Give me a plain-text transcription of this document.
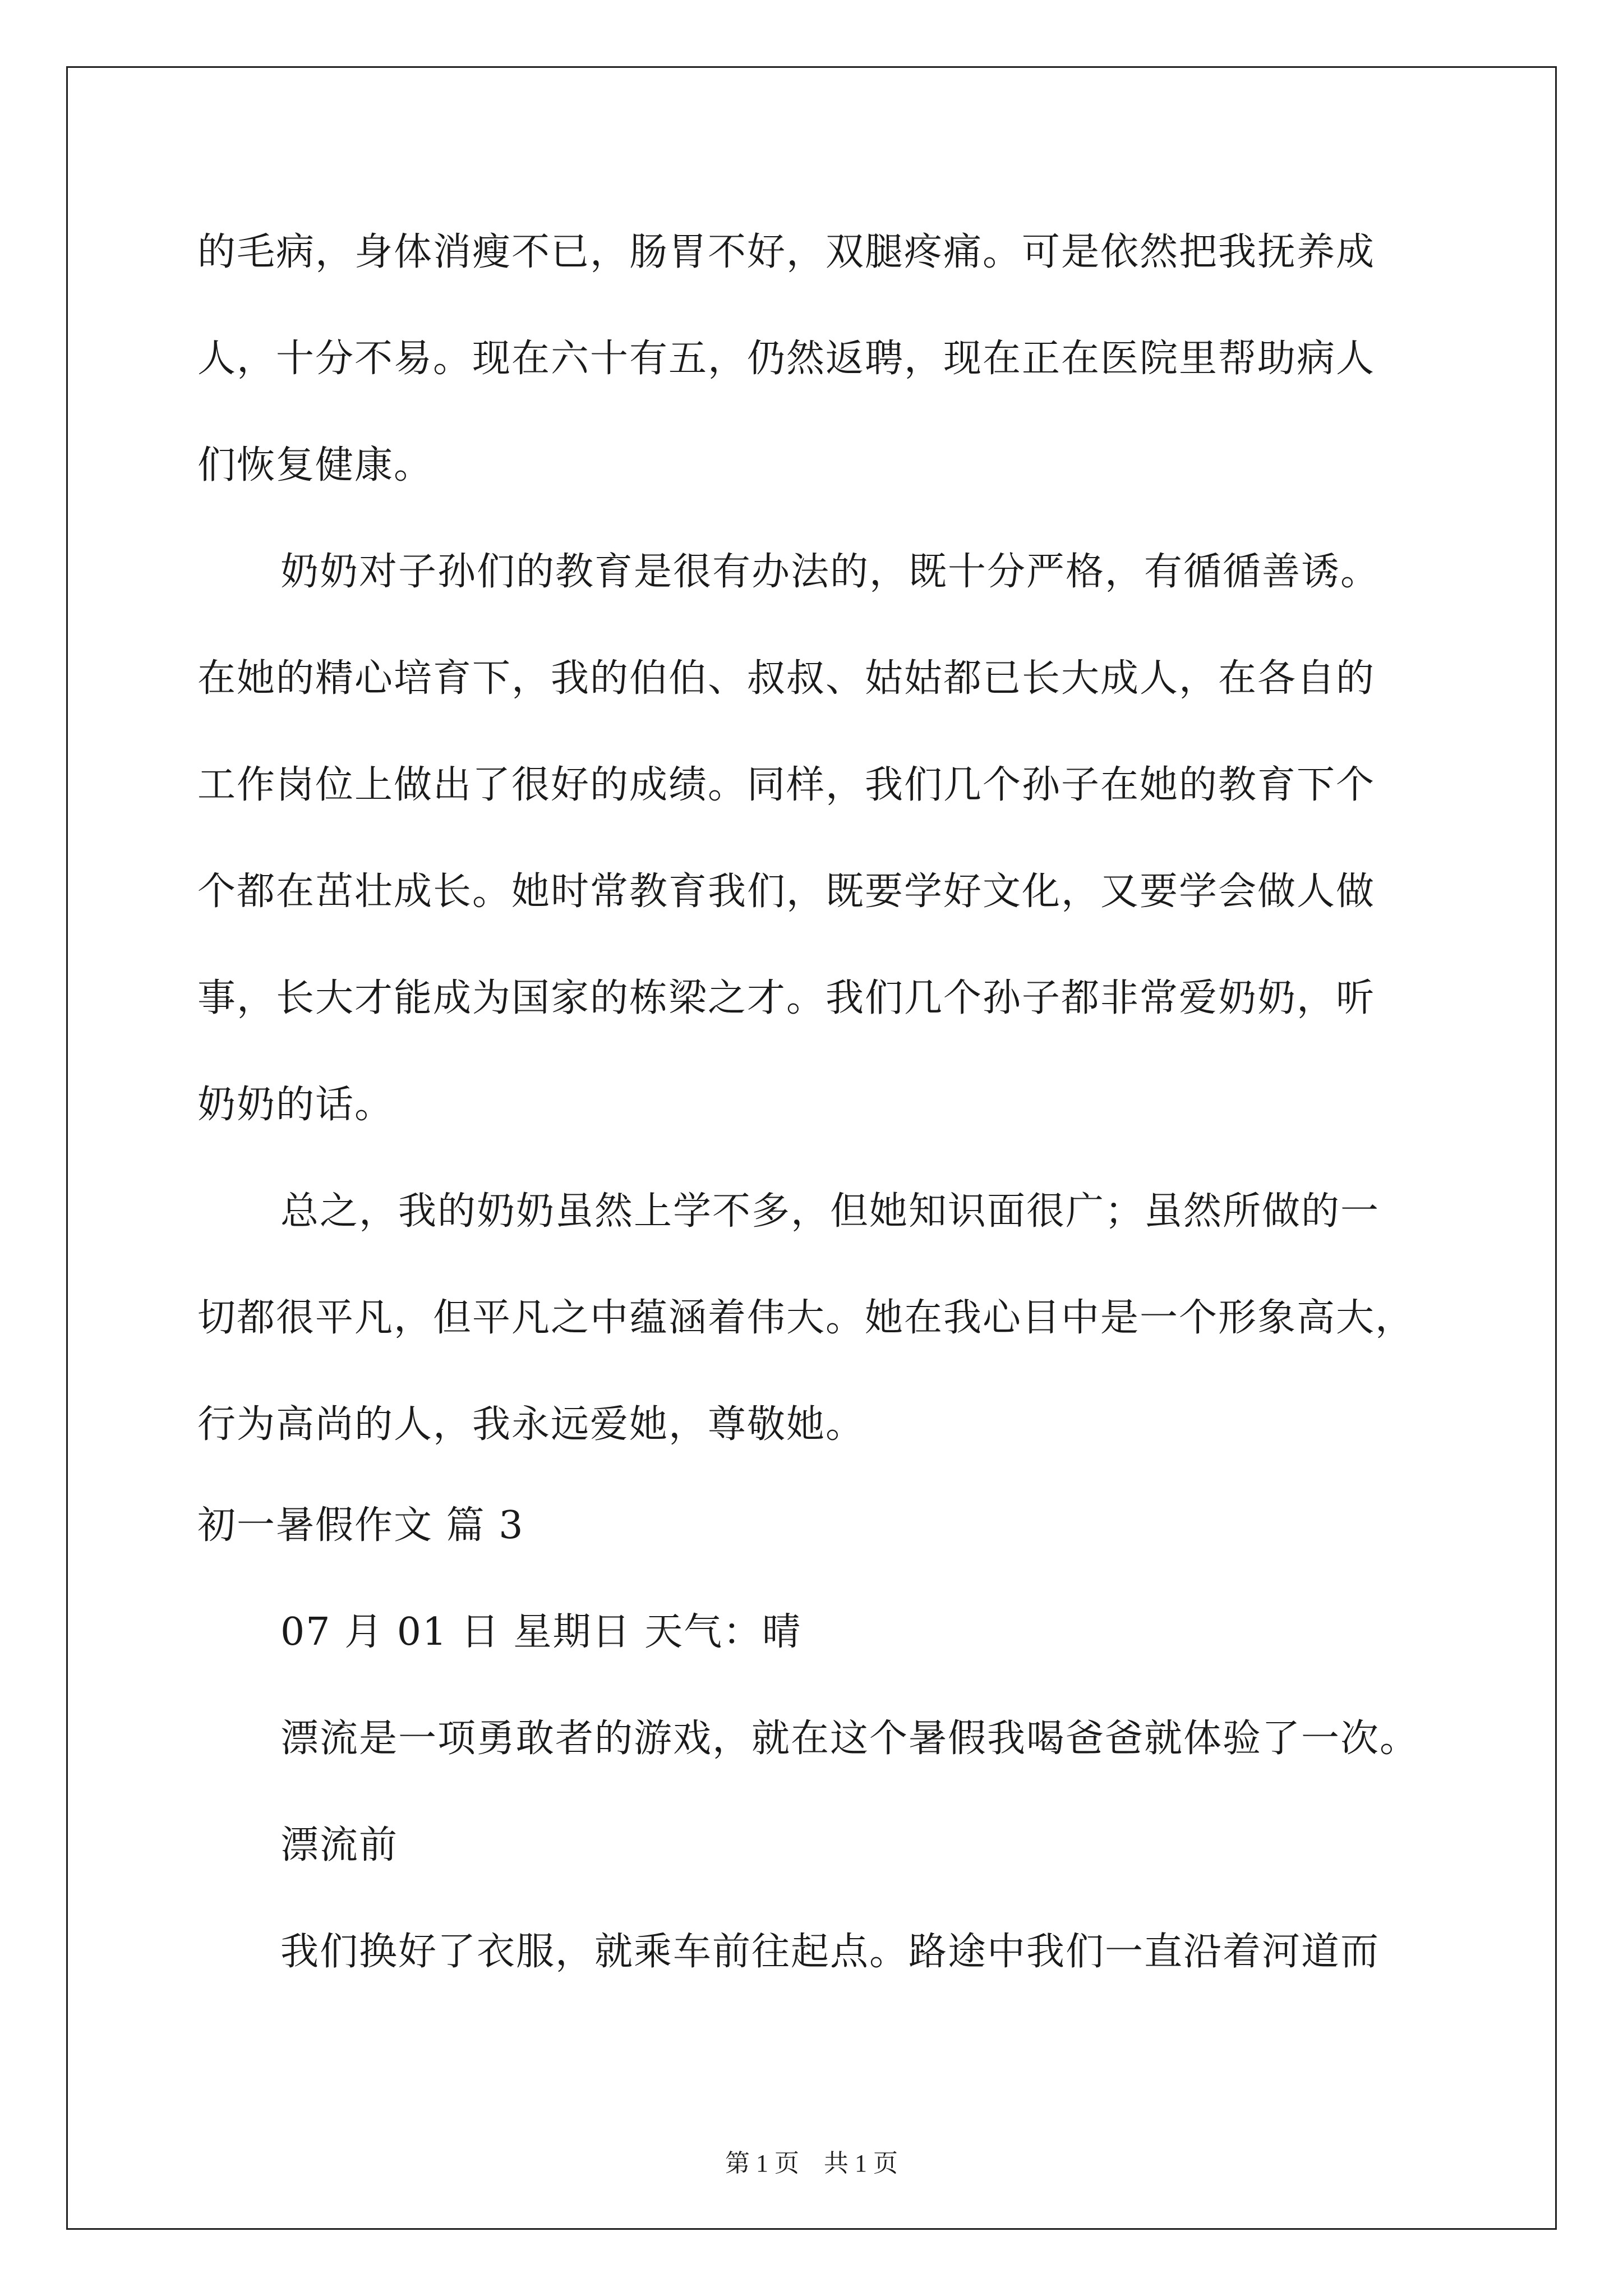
的毛病，身体消瘦不已，肠胃不好，双腿疼痛。可是依然把我抚养成
人，十分不易。现在六十有五，仍然返聘，现在正在医院里帮助病人
们恢复健康。
奶奶对子孙们的教育是很有办法的，既十分严格，有循循善诱。
在她的精心培育下，我的伯伯、叔叔、姑姑都已长大成人，在各自的
工作岗位上做出了很好的成绩。同样，我们几个孙子在她的教育下个
个都在茁壮成长。她时常教育我们，既要学好文化，又要学会做人做
事，长大才能成为国家的栋梁之才。我们几个孙子都非常爱奶奶，听
奶奶的话。
总之，我的奶奶虽然上学不多，但她知识面很广；虽然所做的一
切都很平凡，但平凡之中蕴涵着伟大。她在我心目中是一个形象高大，
行为高尚的人，我永远爱她，尊敬她。
初一暑假作文 篇 3
07 月 01 日 星期日 天气：晴
漂流是一项勇敢者的游戏，就在这个暑假我喝爸爸就体验了一次。
漂流前
我们换好了衣服，就乘车前往起点。路途中我们一直沿着河道而
第 1 页    共 1 页
